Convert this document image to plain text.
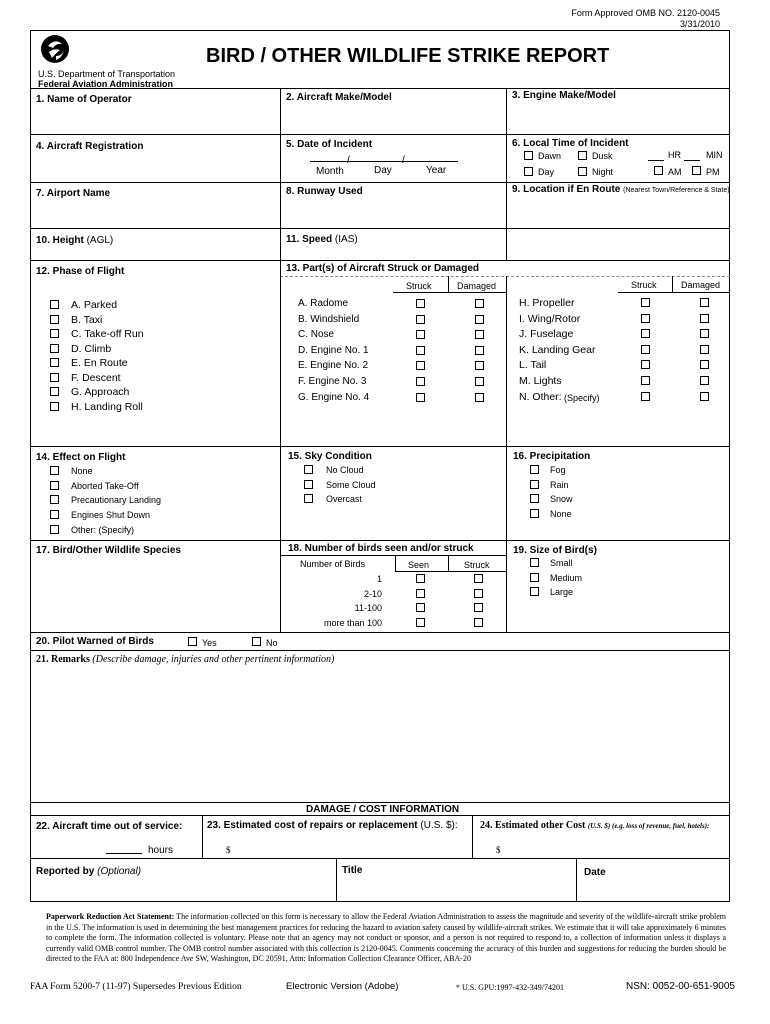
Form Approved OMB NO. 2120-0045
3/31/2010
U.S. Department of Transportation
Federal Aviation Administration
BIRD / OTHER WILDLIFE STRIKE REPORT
1. Name of Operator	2. Aircraft Make/Model	3. Engine Make/Model
4. Aircraft Registration	5. Date of Incident
/	/
Month	Day	Year
6. Local Time of Incident
Dawn	Dusk
Day	Night
HR	MIN
AM	PM
7. Airport Name	8. Runway Used	9. Location if En Route (Nearest Town/Reference & State)
10. Height (AGL)	11. Speed (IAS)
12. Phase of Flight
A. Parked
B. Taxi
C. Take-off Run
D. Climb
E. En Route
F. Descent
G. Approach
H. Landing Roll
13. Part(s) of Aircraft Struck or Damaged
Struck	Damaged	Struck	Damaged
A. Radome
B. Windshield
C. Nose
D. Engine No. 1
E. Engine No. 2
F. Engine No. 3
G. Engine No. 4
H. Propeller
I. Wing/Rotor
J. Fuselage
K. Landing Gear
L. Tail
M. Lights
N. Other: (Specify)
14. Effect on Flight
None
Aborted Take-Off
Precautionary Landing
Engines Shut Down
Other: (Specify)
15. Sky Condition
No Cloud
Some Cloud
Overcast
16. Precipitation
Fog
Rain
Snow
None
17. Bird/Other Wildlife Species	18. Number of birds seen and/or struck
Number of Birds	Seen	Struck
1
2-10
11-100
more than 100
19. Size of Bird(s)
Small
Medium
Large
20. Pilot Warned of Birds	Yes	No
21. Remarks (Describe damage, injuries and other pertinent information)
DAMAGE / COST INFORMATION
22. Aircraft time out of service:
hours
23. Estimated cost of repairs or replacement (U.S. $):
$
24. Estimated other Cost (U.S. $) (e.g. loss of revenue, fuel, hotels):
$
Reported by (Optional)	Title	Date
Paperwork Reduction Act Statement: The information collected on this form is necessary to allow the Federal Aviation Administration to assess the magnitude and severity of the wildlife-aircraft strike problem in the U.S. The information is used in determining the best management practices for reducing the hazard to aviation safety caused by wildlife-aircraft strikes. We estimate that it will take approximately 6 minutes to complete the form. The information collected is voluntary. Please note that an agency may not conduct or sponsor, and a person is not required to respond to, a collection of information unless it displays a currently valid OMB control number. The OMB control number associated with this collection is 2120-0045. Comments concerning the accuracy of this burden and suggestions for reducing the burden should be directed to the FAA at: 800 Independence Ave SW, Washington, DC 20591, Attn: Information Collection Clearance Officer, ABA-20
FAA Form 5200-7 (11-97) Supersedes Previous Edition	Electronic Version (Adobe)	* U.S. GPU:1997-432-349/74201	NSN: 0052-00-651-9005
